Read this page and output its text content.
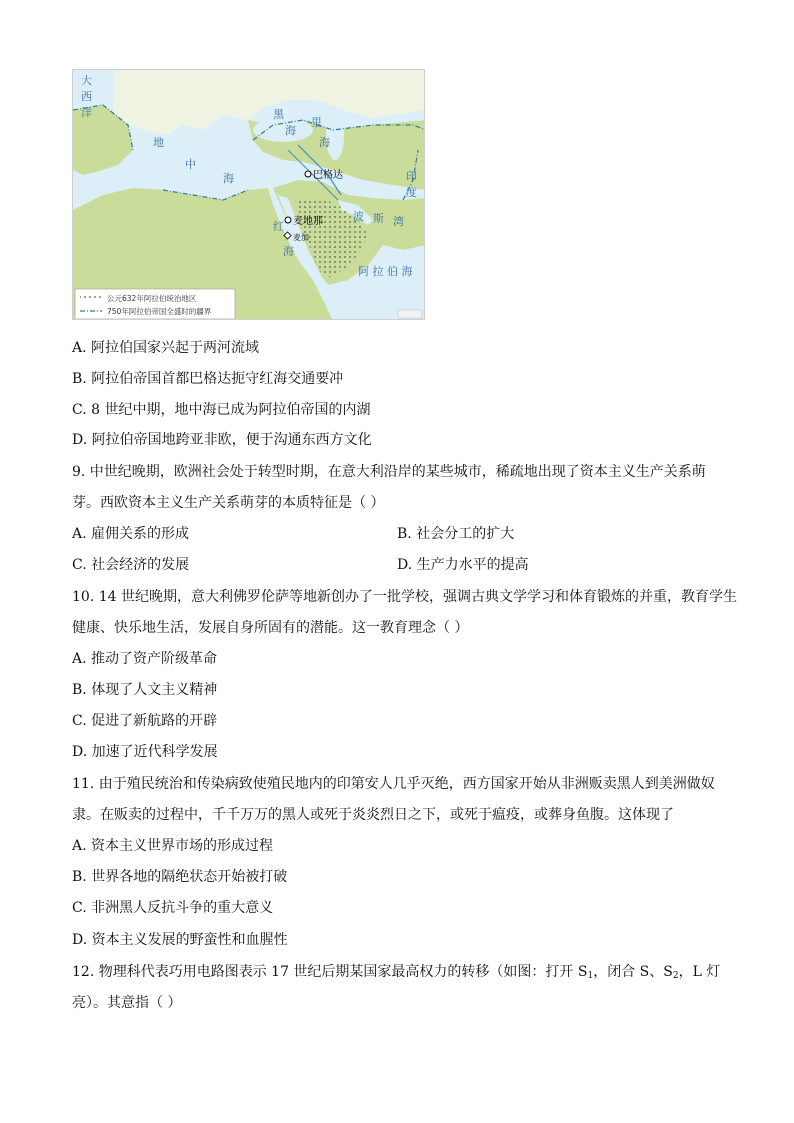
大
西
洋
地
中
海
黑
海
里
海
红
海
波 斯 湾
印
度
阿 拉 伯 海
巴格达
麦地那
麦加
公元632年阿拉伯统治地区
750年阿拉伯帝国全盛时的疆界
A. 阿拉伯国家兴起于两河流域
B. 阿拉伯帝国首都巴格达扼守红海交通要冲
C. 8 世纪中期，地中海已成为阿拉伯帝国的内湖
D. 阿拉伯帝国地跨亚非欧，便于沟通东西方文化
9. 中世纪晚期，欧洲社会处于转型时期，在意大利沿岸的某些城市，稀疏地出现了资本主义生产关系萌
芽。西欧资本主义生产关系萌芽的本质特征是（ ）
A. 雇佣关系的形成	B. 社会分工的扩大
C. 社会经济的发展	D. 生产力水平的提高
10. 14 世纪晚期，意大利佛罗伦萨等地新创办了一批学校，强调古典文学学习和体育锻炼的并重，教育学生
健康、快乐地生活，发展自身所固有的潜能。这一教育理念（ ）
A. 推动了资产阶级革命
B. 体现了人文主义精神
C. 促进了新航路的开辟
D. 加速了近代科学发展
11. 由于殖民统治和传染病致使殖民地内的印第安人几乎灭绝，西方国家开始从非洲贩卖黑人到美洲做奴
隶。在贩卖的过程中，千千万万的黑人或死于炎炎烈日之下，或死于瘟疫，或葬身鱼腹。这体现了
A. 资本主义世界市场的形成过程
B. 世界各地的隔绝状态开始被打破
C. 非洲黑人反抗斗争的重大意义
D. 资本主义发展的野蛮性和血腥性
12. 物理科代表巧用电路图表示 17 世纪后期某国家最高权力的转移（如图：打开 $S_1$，闭合 S、$S_2$，L 灯
亮）。其意指（ ）
